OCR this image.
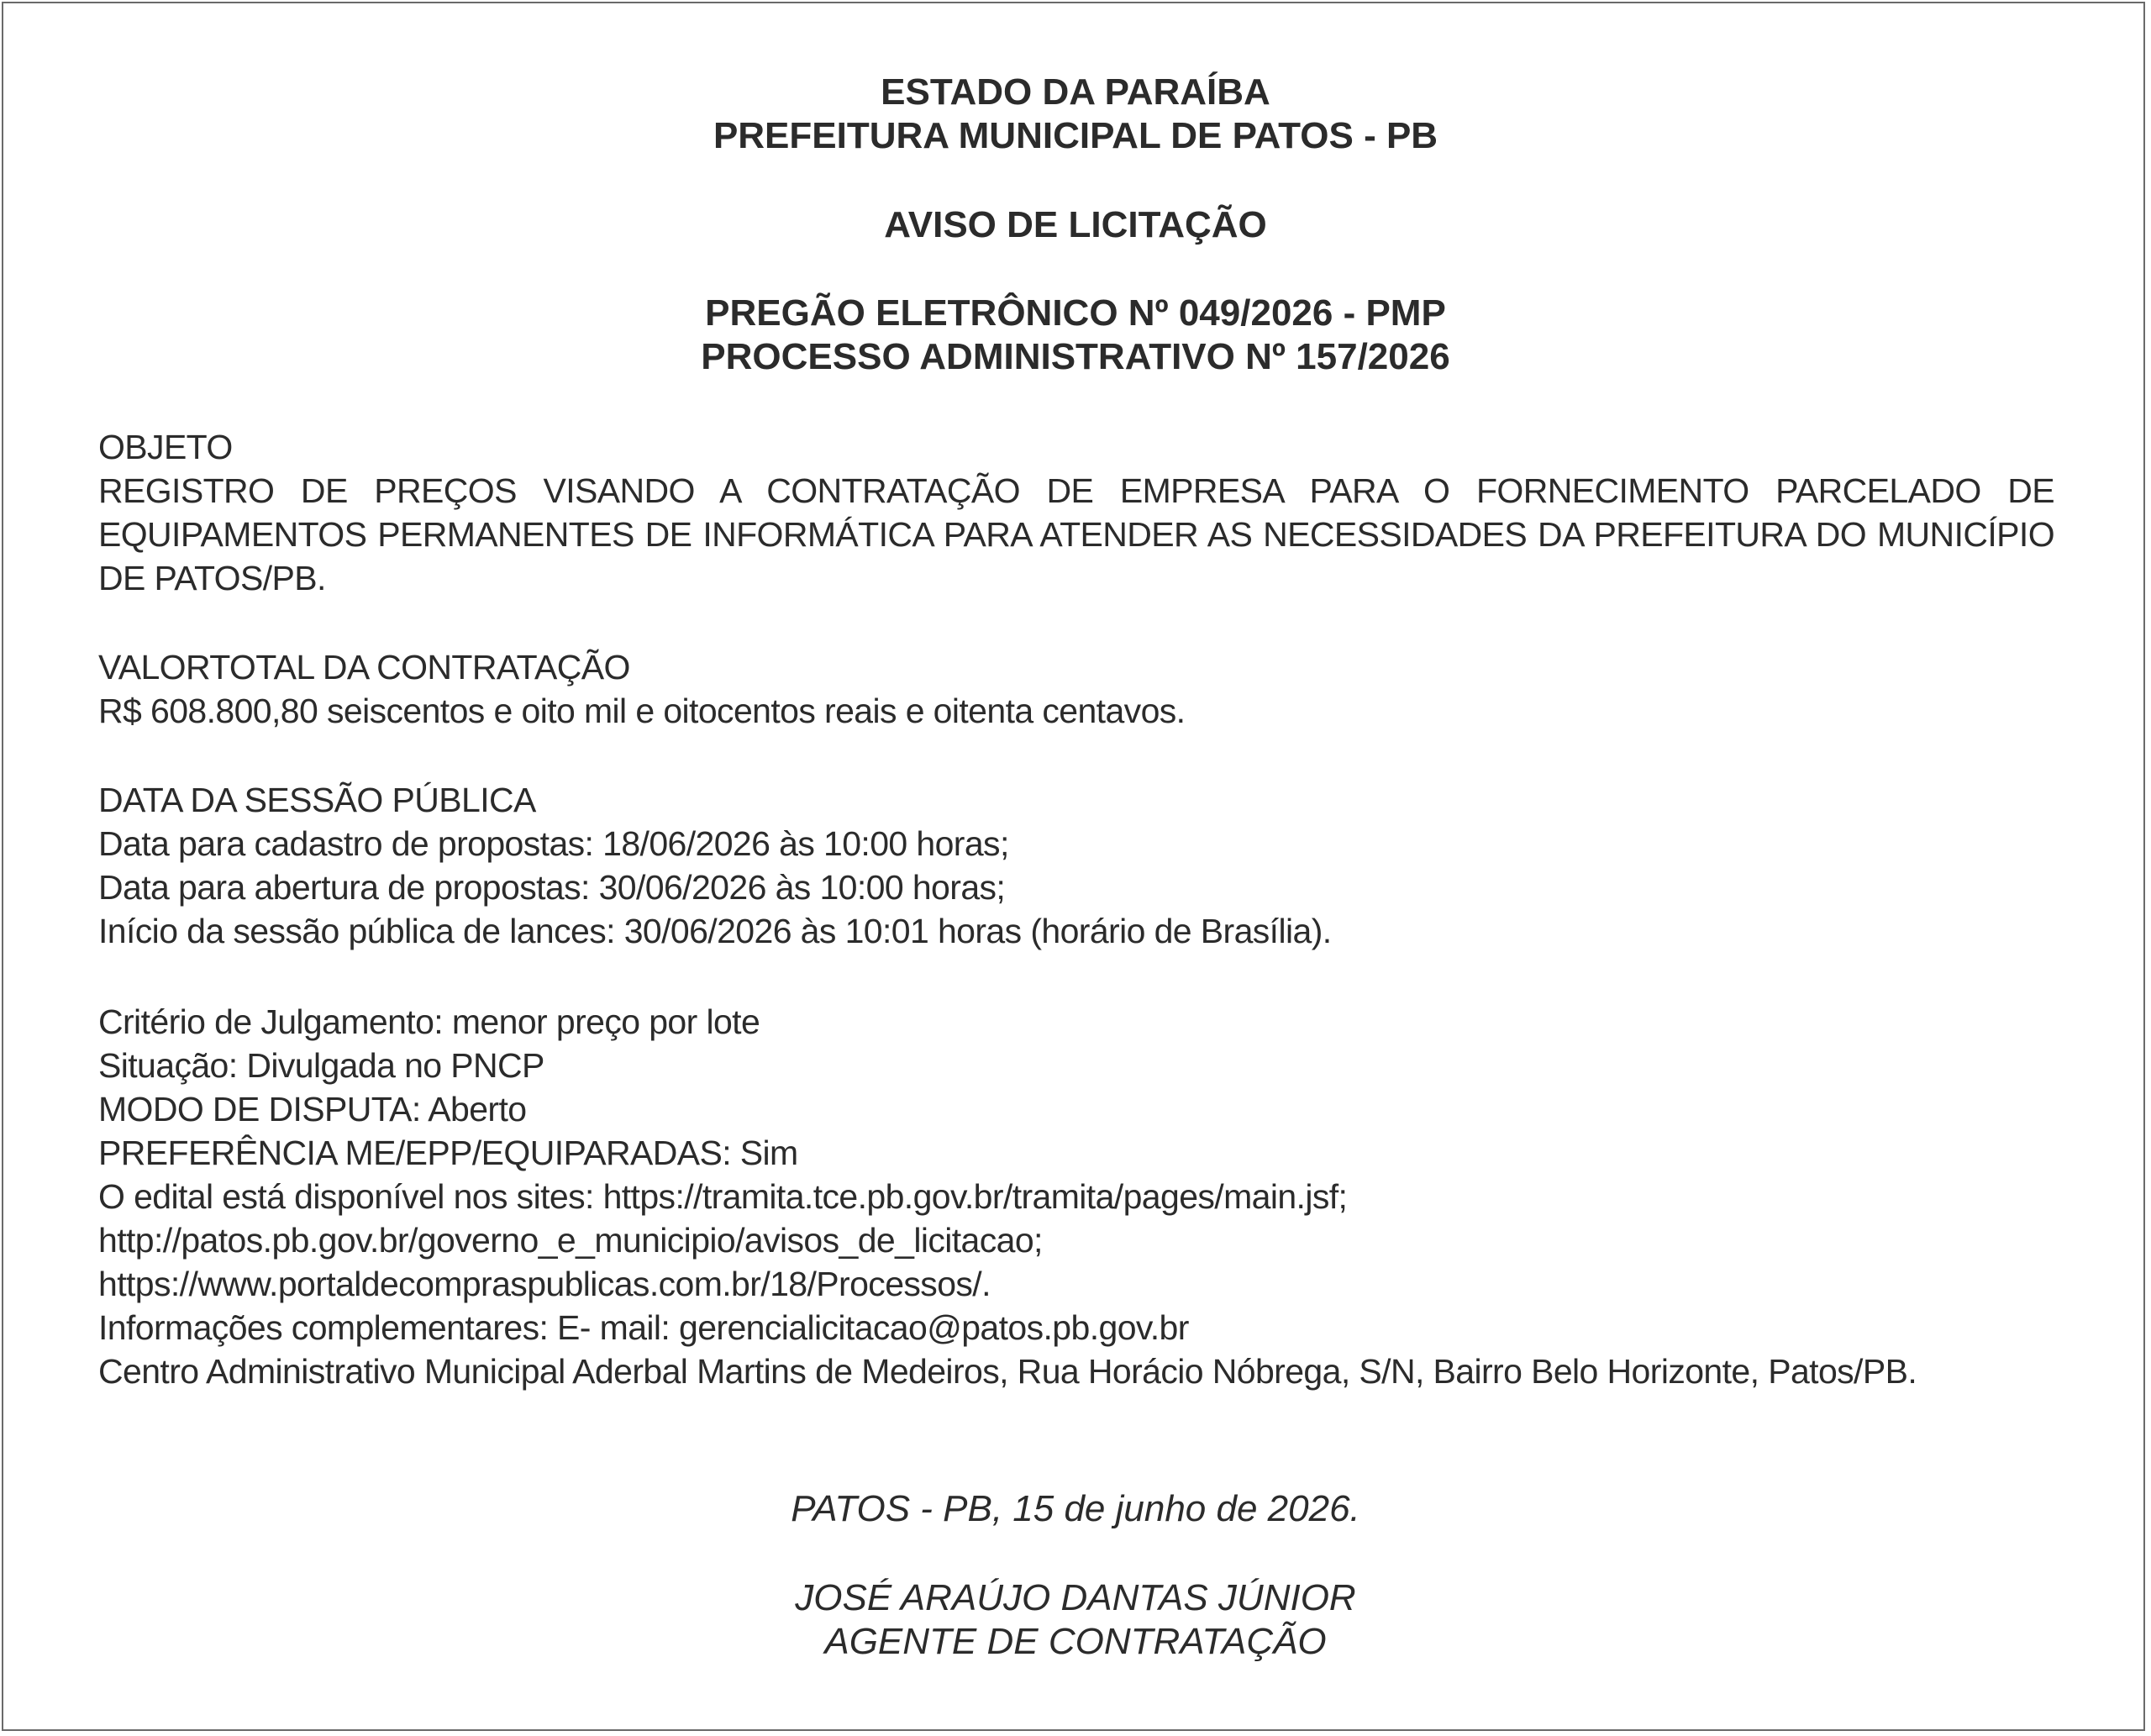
ESTADO DA PARAÍBA

PREFEITURA MUNICIPAL DE PATOS - PB

AVISO DE LICITAÇÃO

PREGÃO ELETRÔNICO Nº 049/2026 - PMP

PROCESSO ADMINISTRATIVO Nº 157/2026

OBJETO

REGISTRO DE PREÇOS VISANDO A CONTRATAÇÃO DE EMPRESA PARA O FORNECIMENTO PARCELADO DE EQUIPAMENTOS PERMANENTES DE INFORMÁTICA PARA ATENDER AS NECESSIDADES DA PREFEITURA DO MUNICÍPIO DE PATOS/PB.

VALORTOTAL DA CONTRATAÇÃO

R$ 608.800,80 seiscentos e oito mil e oitocentos reais e oitenta centavos.

DATA DA SESSÃO PÚBLICA

Data para cadastro de propostas: 18/06/2026 às 10:00 horas;

Data para abertura de propostas: 30/06/2026 às 10:00 horas;

Início da sessão pública de lances: 30/06/2026 às 10:01 horas (horário de Brasília).

Critério de Julgamento: menor preço por lote

Situação: Divulgada no PNCP

MODO DE DISPUTA: Aberto

PREFERÊNCIA ME/EPP/EQUIPARADAS: Sim

O edital está disponível nos sites: https://tramita.tce.pb.gov.br/tramita/pages/main.jsf;

http://patos.pb.gov.br/governo_e_municipio/avisos_de_licitacao;

https://www.portaldecompraspublicas.com.br/18/Processos/.

Informações complementares: E- mail: gerencialicitacao@patos.pb.gov.br

Centro Administrativo Municipal Aderbal Martins de Medeiros, Rua Horácio Nóbrega, S/N, Bairro Belo Horizonte, Patos/PB.

PATOS - PB, 15 de junho de 2026.

JOSÉ ARAÚJO DANTAS JÚNIOR

AGENTE DE CONTRATAÇÃO
